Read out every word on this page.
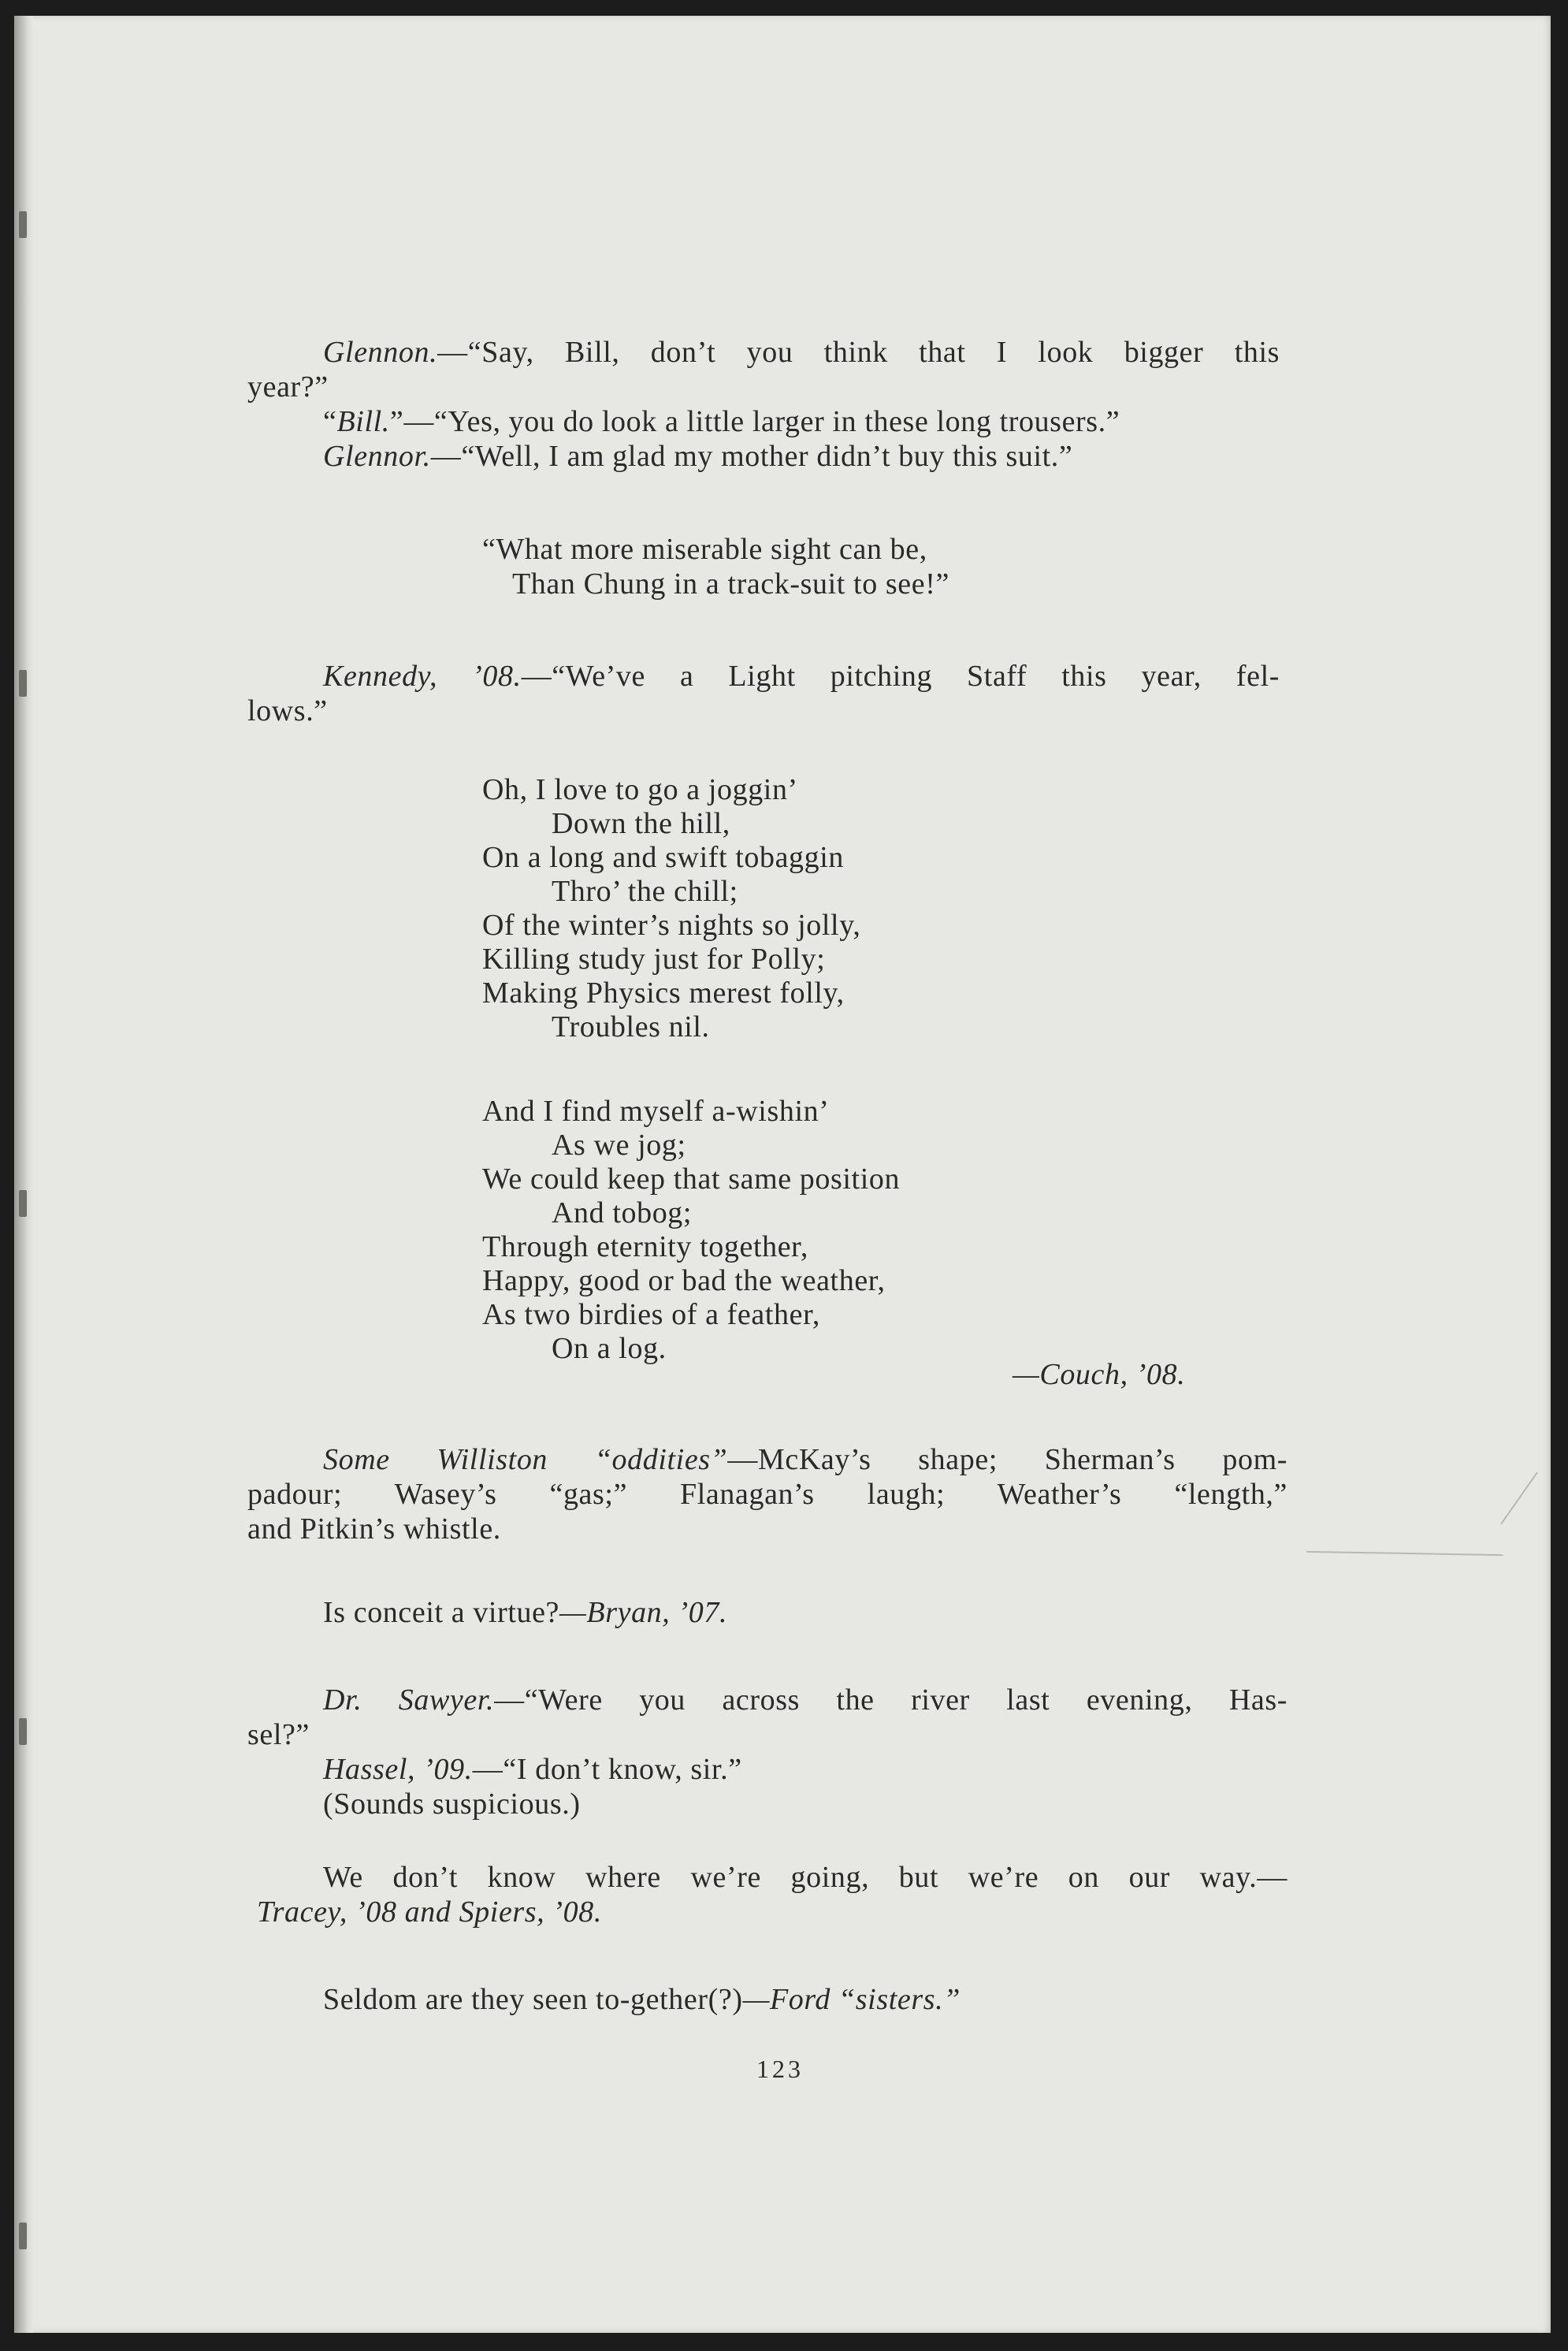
Glennon.—“Say, Bill, don’t you think that I look bigger this
year?”
“Bill.”—“Yes, you do look a little larger in these long trousers.”
Glennor.—“Well, I am glad my mother didn’t buy this suit.”
“What more miserable sight can be,
Than Chung in a track-suit to see!”
Kennedy, ’08.—“We’ve a Light pitching Staff this year, fel-
lows.”
Oh, I love to go a joggin’
Down the hill,
On a long and swift tobaggin
Thro’ the chill;
Of the winter’s nights so jolly,
Killing study just for Polly;
Making Physics merest folly,
Troubles nil.
And I find myself a-wishin’
As we jog;
We could keep that same position
And tobog;
Through eternity together,
Happy, good or bad the weather,
As two birdies of a feather,
On a log.
—Couch, ’08.
Some Williston “oddities”—McKay’s shape; Sherman’s pom-
padour; Wasey’s “gas;” Flanagan’s laugh; Weather’s “length,”
and Pitkin’s whistle.
Is conceit a virtue?—Bryan, ’07.
Dr. Sawyer.—“Were you across the river last evening, Has-
sel?”
Hassel, ’09.—“I don’t know, sir.”
(Sounds suspicious.)
We don’t know where we’re going, but we’re on our way.—
Tracey, ’08 and Spiers, ’08.
Seldom are they seen to-gether(?)—Ford “sisters.”
123
